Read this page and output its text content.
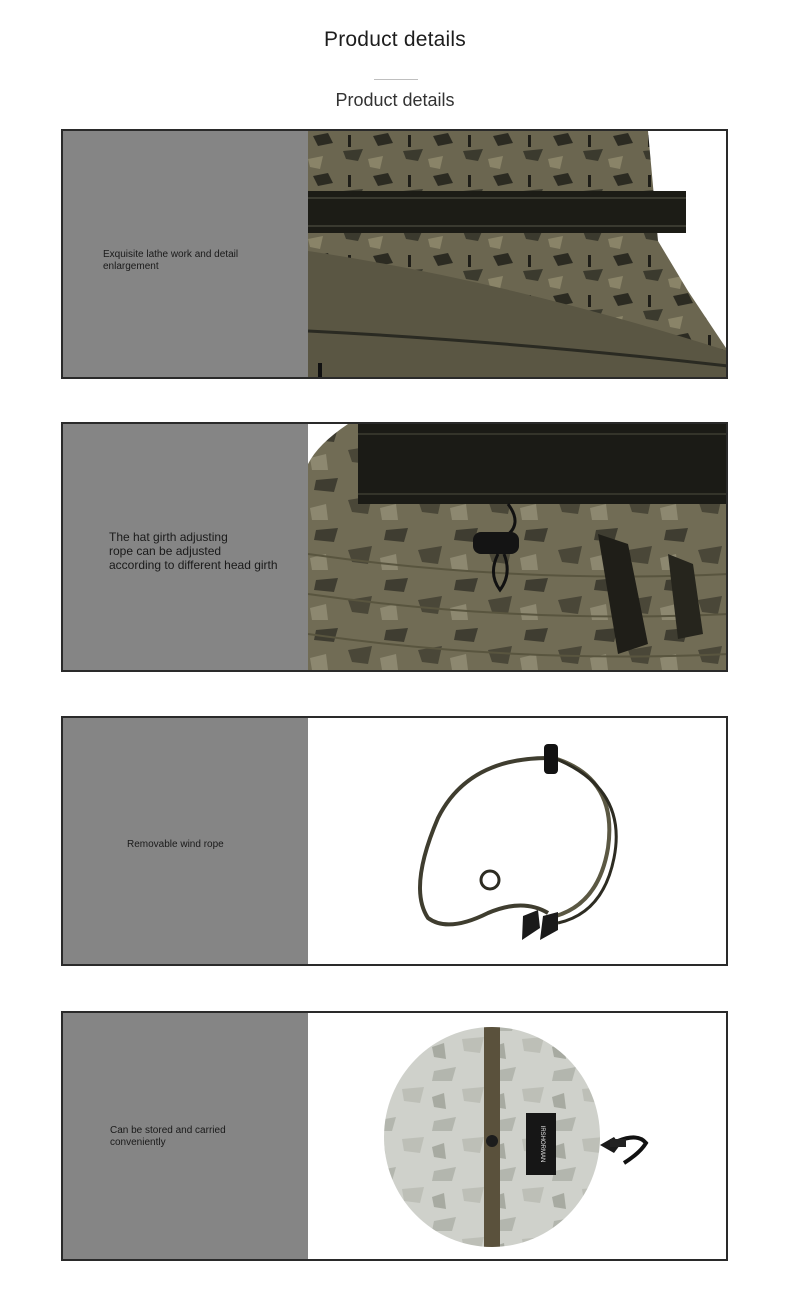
Product details
Product details
Exquisite lathe work and detail
enlargement
The hat girth adjusting
rope can be adjusted
according to different head girth
Removable wind rope
Can be stored and carried
conveniently	IRSHORMAN
